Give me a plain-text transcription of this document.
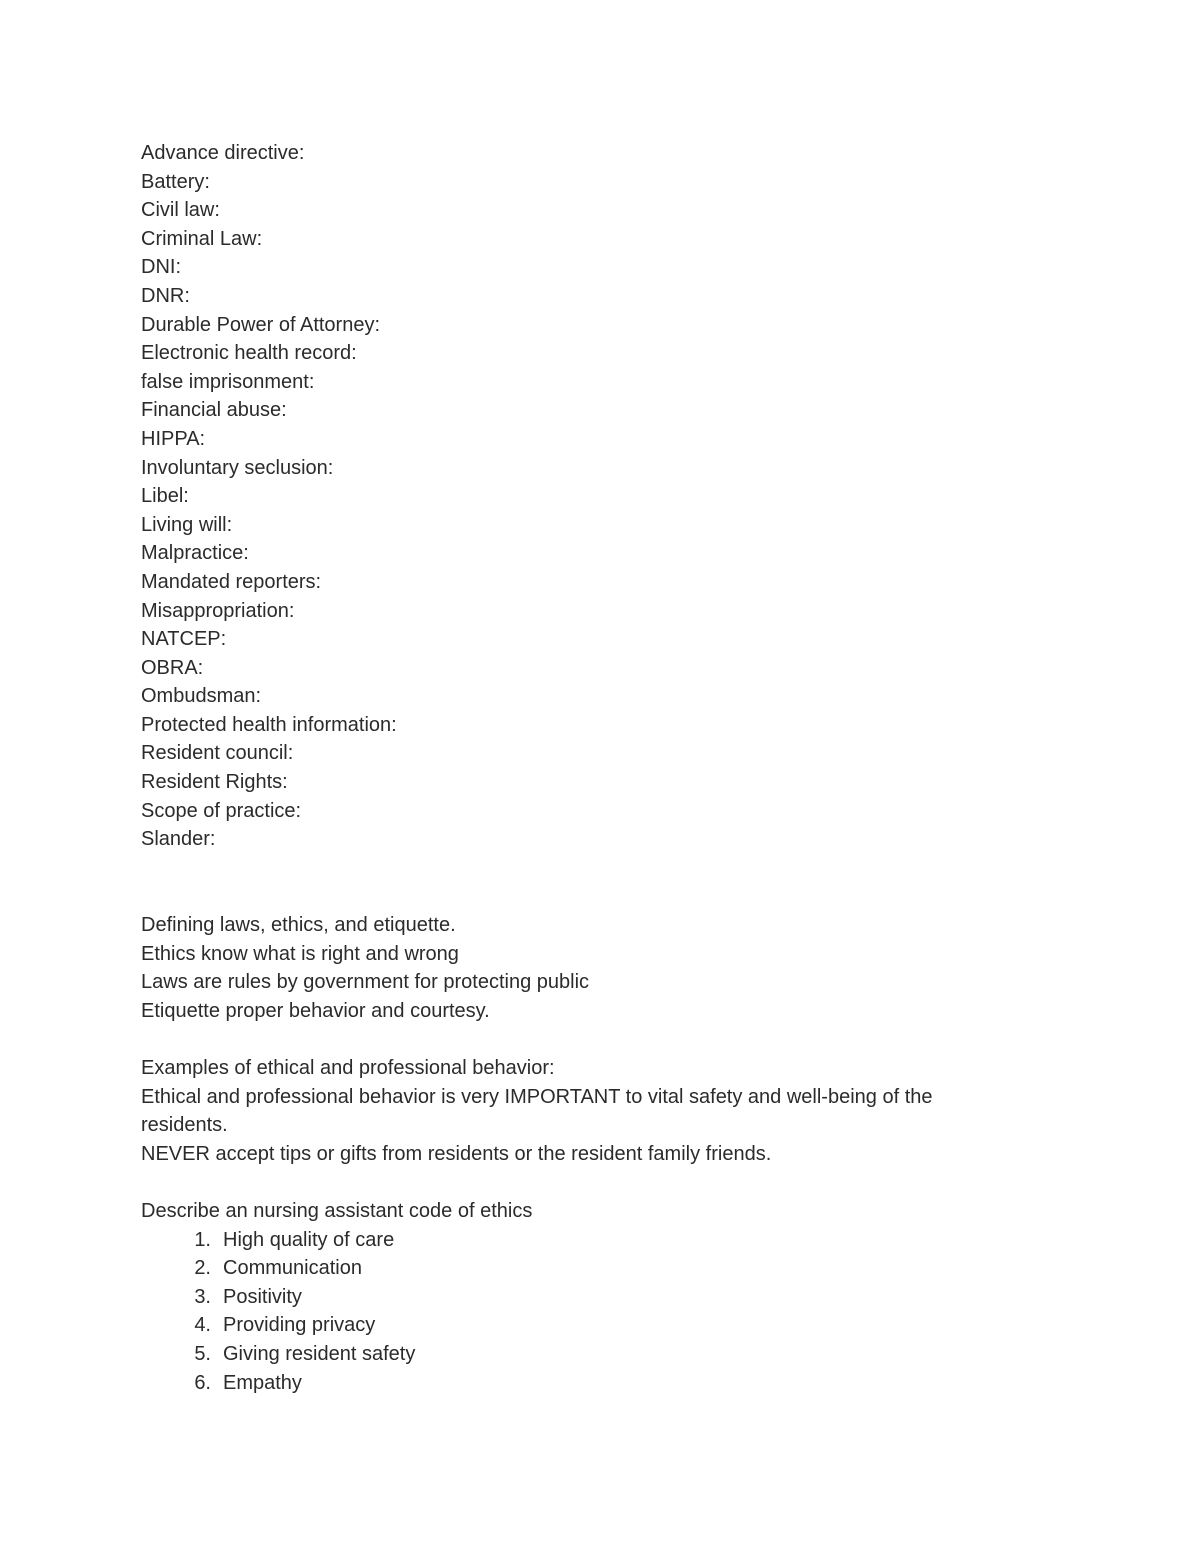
Advance directive:
Battery:
Civil law:
Criminal Law:
DNI:
DNR:
Durable Power of Attorney:
Electronic health record:
false imprisonment:
Financial abuse:
HIPPA:
Involuntary seclusion:
Libel:
Living will:
Malpractice:
Mandated reporters:
Misappropriation:
NATCEP:
OBRA:
Ombudsman:
Protected health information:
Resident council:
Resident Rights:
Scope of practice:
Slander:
Defining laws, ethics, and etiquette.
Ethics know what is right and wrong
Laws are rules by government for protecting public
Etiquette proper behavior and courtesy.
Examples of ethical and professional behavior:
Ethical and professional behavior is very IMPORTANT to vital safety and well-being of the residents.
NEVER accept tips or gifts from residents or the resident family friends.
Describe an nursing assistant code of ethics
1. High quality of care
2. Communication
3. Positivity
4. Providing privacy
5. Giving resident safety
6. Empathy
